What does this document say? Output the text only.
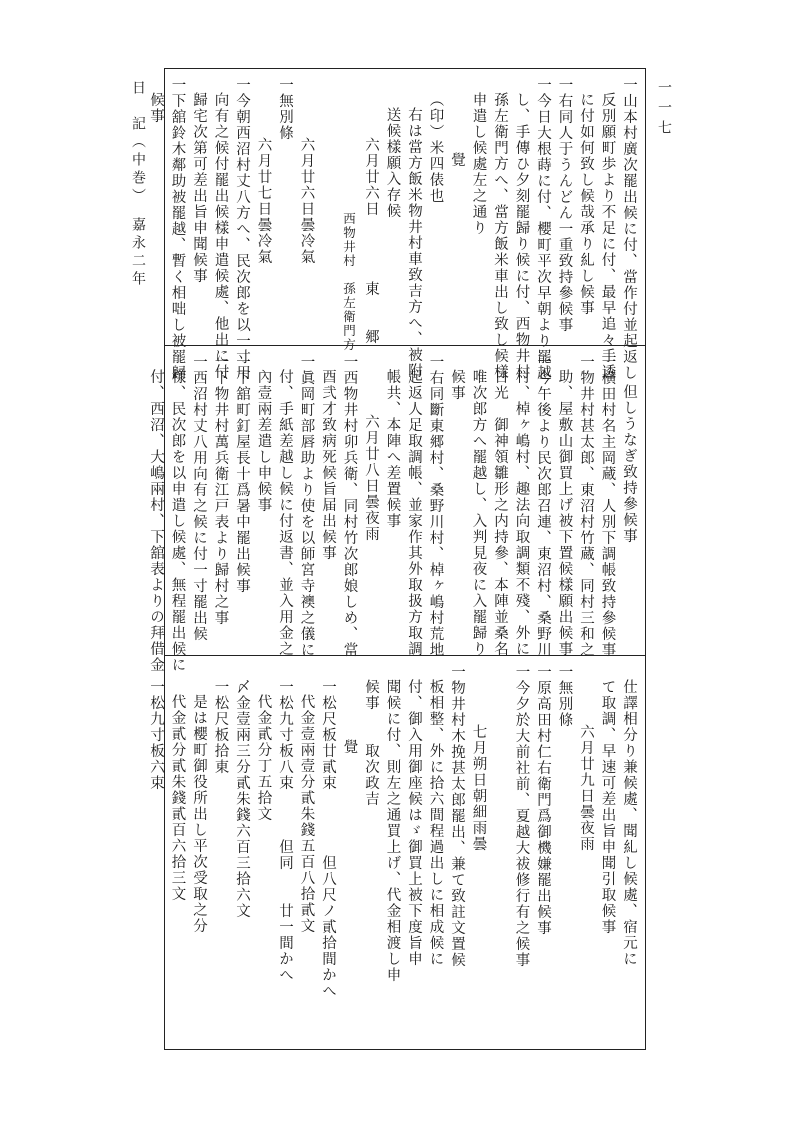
日　記（中巻）　嘉永二年	一一七
一山本村廣次罷出候に付、當作付並起返し
反別願町歩より不足に付、最早追々手透
に付如何致し候哉承り糺し候事
一右同人于うんどん一重致持參候事
一今日大根蒔に付、櫻町平次早朝より罷越
し、手傳ひ夕刻罷歸り候に付、西物井村
孫左衛門方へ、當方飯米車出し致し候樣
申遣し候處左之通り
覺
（印）米四俵也
右は當方飯米物井村車致吉方へ、被附
送候樣願入存候
六月廿六日　　　　東　　郷
西物井村　孫左衛門方
六月廿六日曇冷氣
一無別條
六月廿七日曇冷氣
一今朝西沼村丈八方へ、民次郎を以一寸用
向有之候付罷出候樣申遣候處、他出に付
歸宅次第可差出旨申聞候事
一下舘鈴木鄰助被罷越、暫く相咄し被罷歸
候事
但しうなぎ致持參候事
一横田村名主岡蔵、人別下調帳致持參候事
一物井村甚太郎、東沼村竹蔵、同村三和之
助、屋敷山御買上げ被下置候樣願出候事
一今午後より民次郎召連、東沼村、桑野川
村、棹ヶ嶋村、趣法向取調類不殘、外に
日光　御神領雛形之内持參、本陣並桑名
唯次郎方へ罷越し、入判見夜に入罷歸り
候事
一右同斷東郷村、桑野川村、棹ヶ嶋村荒地
起返人足取調帳、並家作其外取扱方取調
帳共、本陣へ差置候事
六月廿八日曇夜雨
一西物井村卯兵衛、同村竹次郎娘しめ、當
酉弐才致病死候旨届出候事
一眞岡町部唇助より使を以師宮寺襖之儀に
付、手紙差越し候に付返書、並入用金之
內壹兩差遣し申候事
一下舘町釘屋長十爲暑中罷出候事
一下物井村萬兵衛江戸表より歸村之事
一西沼村丈八用向有之候に付一寸罷出候
樣、民次郎を以申遣し候處、無程罷出候に
付、西沼、大嶋兩村、下舘表よりの拜借金
仕譯相分り兼候處、聞糺し候處、宿元に
て取調、早速可差出旨申聞引取候事
六月廿九日曇夜雨
一無別條
一原高田村仁右衛門爲御機嫌罷出候事
一今夕於大前社前、夏越大祓修行有之候事
七月朔日朝細雨曇
一物井村木挽甚太郎罷出、兼て致註文置候
板相整、外に拾六間程過出しに相成候に
付、御入用御座候はゞ御買上被下度旨申
聞候に付、則左之通買上げ、代金相渡し申
候事　　取次政吉
覺
一松尺板廿貳束　　　　但八尺ノ貳拾間かへ
代金壹兩壹分貳朱錢五百八拾貳文
一松九寸板八束　　　但同　　廿一間かへ
代金貳分丁五拾文
〆金壹兩三分貳朱錢六百三拾六文
一松尺板拾東
是は櫻町御役所出し平次受取之分
代金貳分貳朱錢貳百六拾三文
一松九寸板六束
